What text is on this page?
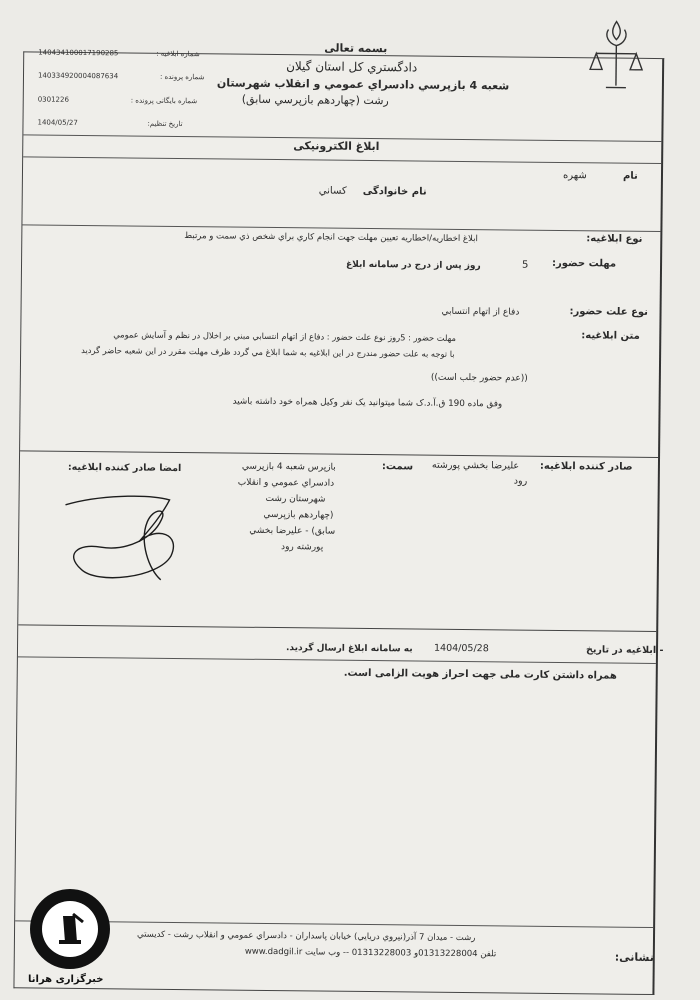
بسمه تعالی
دادگستري کل استان گيلان
شعبه 4 بازپرسي دادسراي عمومي و انقلاب شهرستان
رشت (چهاردهم بازپرسي سابق)
شماره ابلاغیه :
140434100017190285
شماره پرونده :
140334920004087634
شماره بایگانی پرونده :
0301226
تاریخ تنظیم:
1404/05/27
ابلاغ الکترونیکی
نام
شهره
نام خانوادگی
کساني
نوع ابلاغیه:
ابلاغ اخطاريه/اخطاريه تعيين مهلت جهت انجام کاري براي شخص ذي سمت و مرتبط
مهلت حضور:
5
روز پس از درج در سامانه ابلاغ
نوع علت حضور:
دفاع از اتهام انتسابي
متن ابلاغیه:
مهلت حضور : 5روز نوع علت حضور : دفاع از اتهام انتسابي مبني بر اخلال در نظم و آسايش عمومي
با توجه به علت حضور مندرج در اين ابلاغيه به شما ابلاغ مي گردد ظرف مهلت مقرر در اين شعبه حاضر گرديد
((عدم حضور جلب است))
وفق ماده 190 ق.آ.د.ک شما ميتوانيد يک نفر وکيل همراه خود داشته باشيد
صادر کننده ابلاغیه:
عليرضا بخشي پورشته
رود
سمت:
بازپرس شعبه 4 بازپرسي
دادسراي عمومي و انقلاب
شهرستان رشت
(چهاردهم بازپرسي
سابق) - عليرضا بخشي
پورشته رود
امضا صادر کننده ابلاغیه:
- ابلاغیه در تاریخ
1404/05/28
به سامانه ابلاغ ارسال گردید.
همراه داشتن کارت ملی جهت احراز هويت الزامی است.
نشانی:
رشت - ميدان 7 آذر(نيروي دريايي) خيابان پاسداران - دادسراي عمومي و انقلاب رشت - کديستي
تلفن 01313228004و 01313228003 -- وب سايت www.dadgil.ir
خبرگزاری هرانا
